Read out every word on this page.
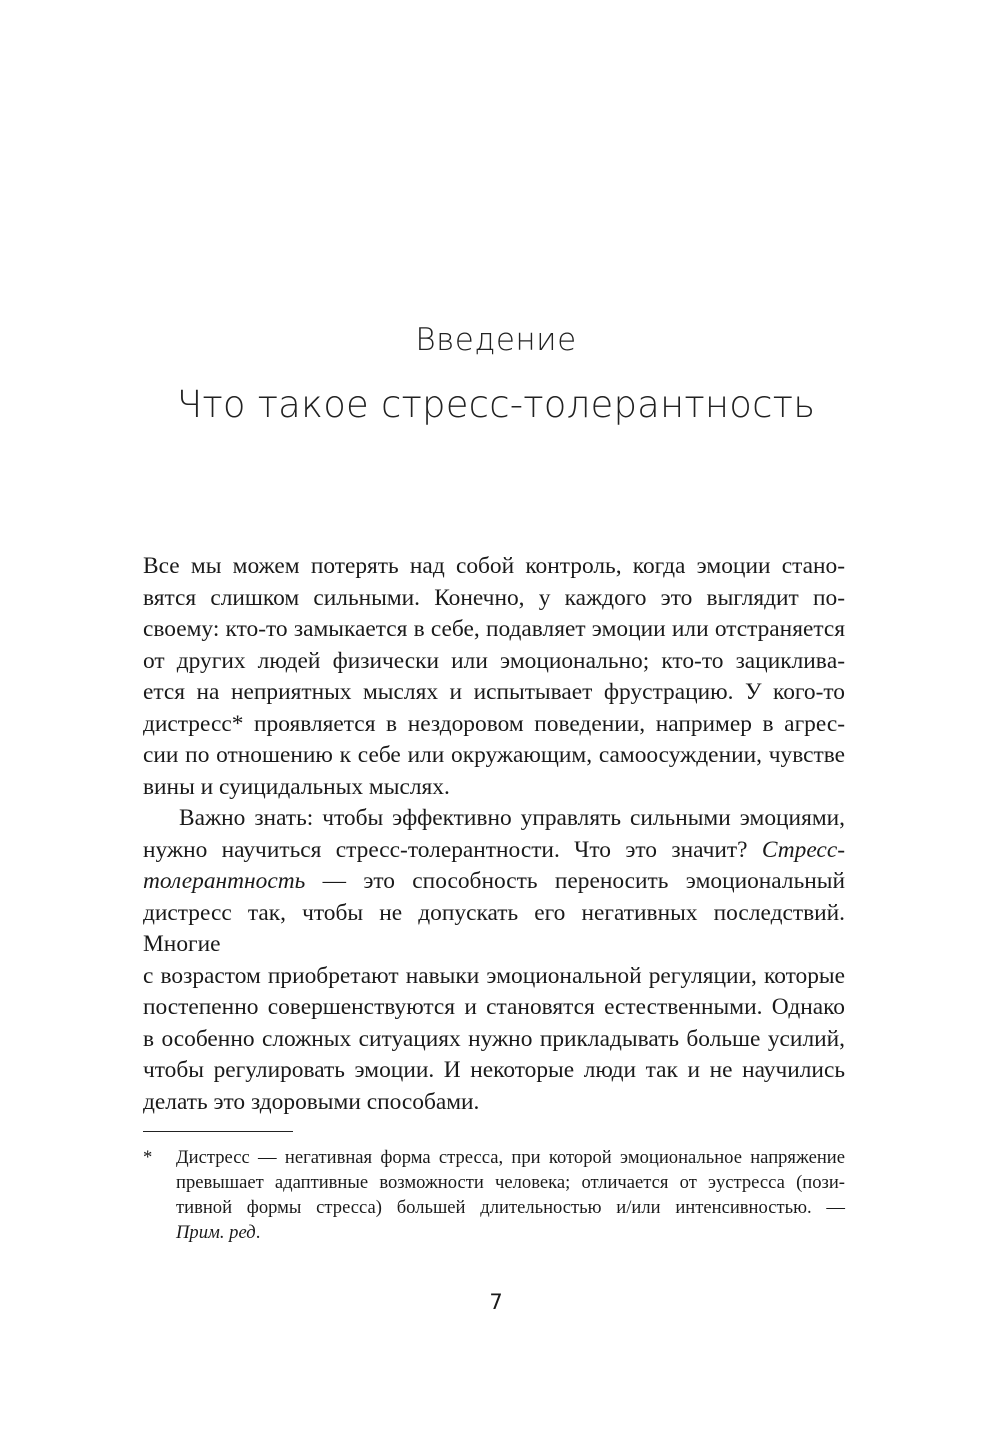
Введение
Что такое стресс-толерантность

Все мы можем потерять над собой контроль, когда эмоции стано-
вятся слишком сильными. Конечно, у каждого это выглядит по-
своему: кто-то замыкается в себе, подавляет эмоции или отстраняется
от других людей физически или эмоционально; кто-то зацикливa-
ется на неприятных мыслях и испытывает фрустрацию. У кого-то
дистресс* проявляется в нездоровом поведении, например в агрес-
сии по отношению к себе или окружающим, самоосуждении, чувстве
вины и суицидальных мыслях.

Важно знать: чтобы эффективно управлять сильными эмоциями,
нужно научиться стресс-толерантности. Что это значит? Стресс-
толерантность — это способность переносить эмоциональный
дистресс так, чтобы не допускать его негативных последствий. Многие
с возрастом приобретают навыки эмоциональной регуляции, которые
постепенно совершенствуются и становятся естественными. Однако
в особенно сложных ситуациях нужно прикладывать больше усилий,
чтобы регулировать эмоции. И некоторые люди так и не научились
делать это здоровыми способами.

* Дистресс — негативная форма стресса, при которой эмоциональное напряжение
превышает адаптивные возможности человека; отличается от эустресса (пози-
тивной формы стресса) большей длительностью и/или интенсивностью. —
Прим. ред.
7
